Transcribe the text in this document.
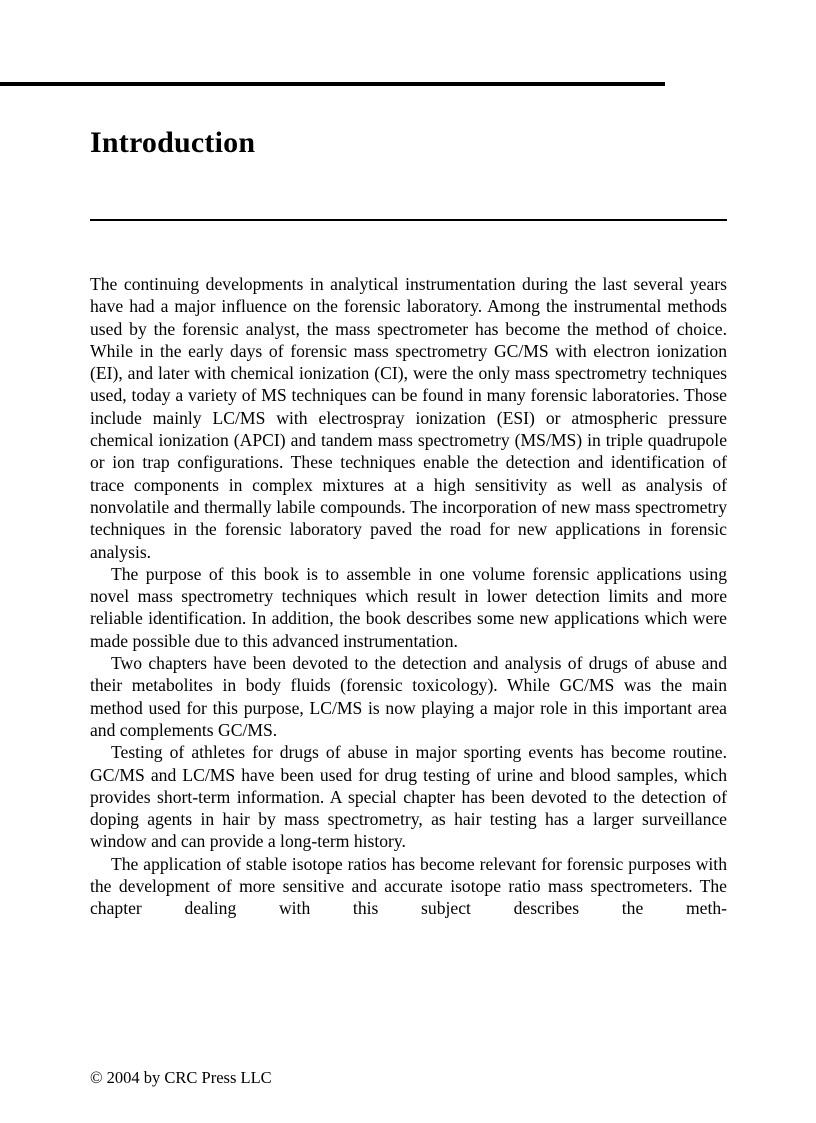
Introduction

The continuing developments in analytical instrumentation during the last several years have had a major influence on the forensic laboratory. Among the instrumental methods used by the forensic analyst, the mass spectrometer has become the method of choice. While in the early days of forensic mass spectrometry GC/MS with electron ionization (EI), and later with chemical ionization (CI), were the only mass spectrometry techniques used, today a variety of MS techniques can be found in many forensic laboratories. Those include mainly LC/MS with electrospray ionization (ESI) or atmospheric pressure chemical ionization (APCI) and tandem mass spectrometry (MS/MS) in triple quadrupole or ion trap configurations. These techniques enable the detection and identification of trace components in complex mixtures at a high sensitivity as well as analysis of nonvolatile and thermally labile compounds. The incorporation of new mass spectrometry techniques in the forensic laboratory paved the road for new applications in forensic analysis.

The purpose of this book is to assemble in one volume forensic applications using novel mass spectrometry techniques which result in lower detection limits and more reliable identification. In addition, the book describes some new applications which were made possible due to this advanced instrumentation.

Two chapters have been devoted to the detection and analysis of drugs of abuse and their metabolites in body fluids (forensic toxicology). While GC/MS was the main method used for this purpose, LC/MS is now playing a major role in this important area and complements GC/MS.

Testing of athletes for drugs of abuse in major sporting events has become routine. GC/MS and LC/MS have been used for drug testing of urine and blood samples, which provides short-term information. A special chapter has been devoted to the detection of doping agents in hair by mass spectrometry, as hair testing has a larger surveillance window and can provide a long-term history.

The application of stable isotope ratios has become relevant for forensic purposes with the development of more sensitive and accurate isotope ratio mass spectrometers. The chapter dealing with this subject describes the meth-

© 2004 by CRC Press LLC
